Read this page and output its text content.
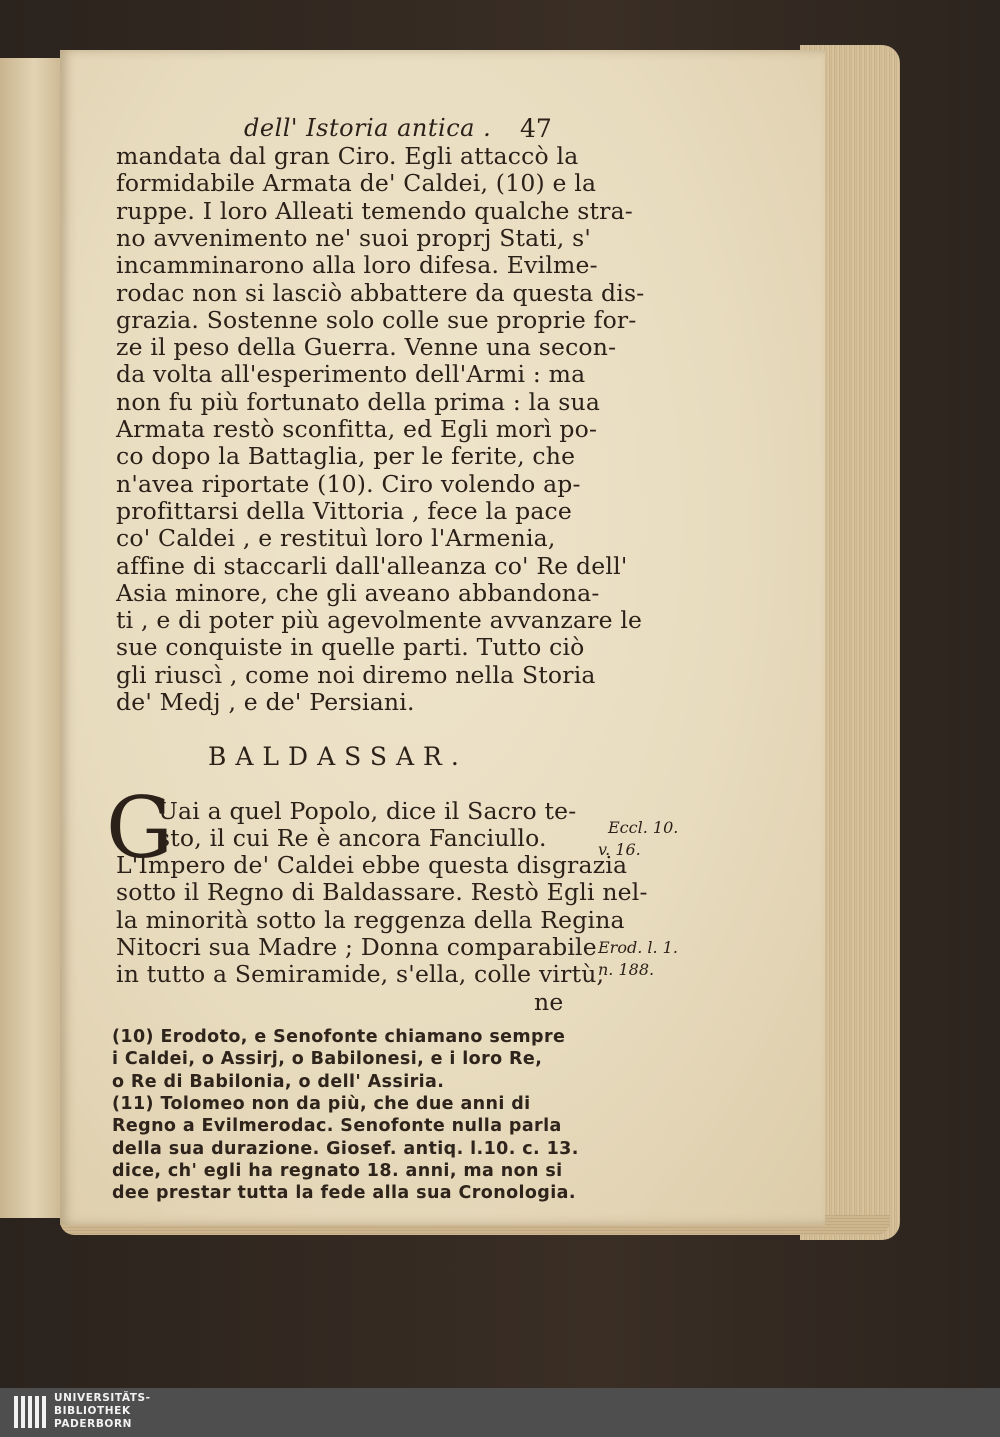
dell' Istoria antica . 47
mandata dal gran Ciro. Egli attaccò la
formidabile Armata de' Caldei, (10) e la
ruppe. I loro Alleati temendo qualche stra-
no avvenimento ne' suoi proprj Stati, s'
incamminarono alla loro difesa. Evilme-
rodac non si lasciò abbattere da questa dis-
grazia. Sostenne solo colle sue proprie for-
ze il peso della Guerra. Venne una secon-
da volta all'esperimento dell'Armi : ma
non fu più fortunato della prima : la sua
Armata restò sconfitta, ed Egli morì po-
co dopo la Battaglia, per le ferite, che
n'avea riportate (10). Ciro volendo ap-
profittarsi della Vittoria , fece la pace
co' Caldei , e restituì loro l'Armenia,
affine di staccarli dall'alleanza co' Re dell'
Asia minore, che gli aveano abbandona-
ti , e di poter più agevolmente avvanzare le
sue conquiste in quelle parti. Tutto ciò
gli riuscì , come noi diremo nella Storia
de' Medj , e de' Persiani.
BALDASSAR.
G
Uai a quel Popolo, dice il Sacro te-
sto, il cui Re è ancora Fanciullo.
L'Impero de' Caldei ebbe questa disgrazia
sotto il Regno di Baldassare. Restò Egli nel-
la minorità sotto la reggenza della Regina
Nitocri sua Madre ; Donna comparabile
in tutto a Semiramide, s'ella, colle virtù,
ne
Eccl. 10.
v. 16.
Erod. l. 1.
n. 188.
(10) Erodoto, e Senofonte chiamano sempre
i Caldei, o Assirj, o Babilonesi, e i loro Re,
o Re di Babilonia, o dell' Assiria.
(11) Tolomeo non da più, che due anni di
Regno a Evilmerodac. Senofonte nulla parla
della sua durazione. Giosef. antiq. l.10. c. 13.
dice, ch' egli ha regnato 18. anni, ma non si
dee prestar tutta la fede alla sua Cronologia.
UNIVERSITÄTS-
BIBLIOTHEK
PADERBORN
